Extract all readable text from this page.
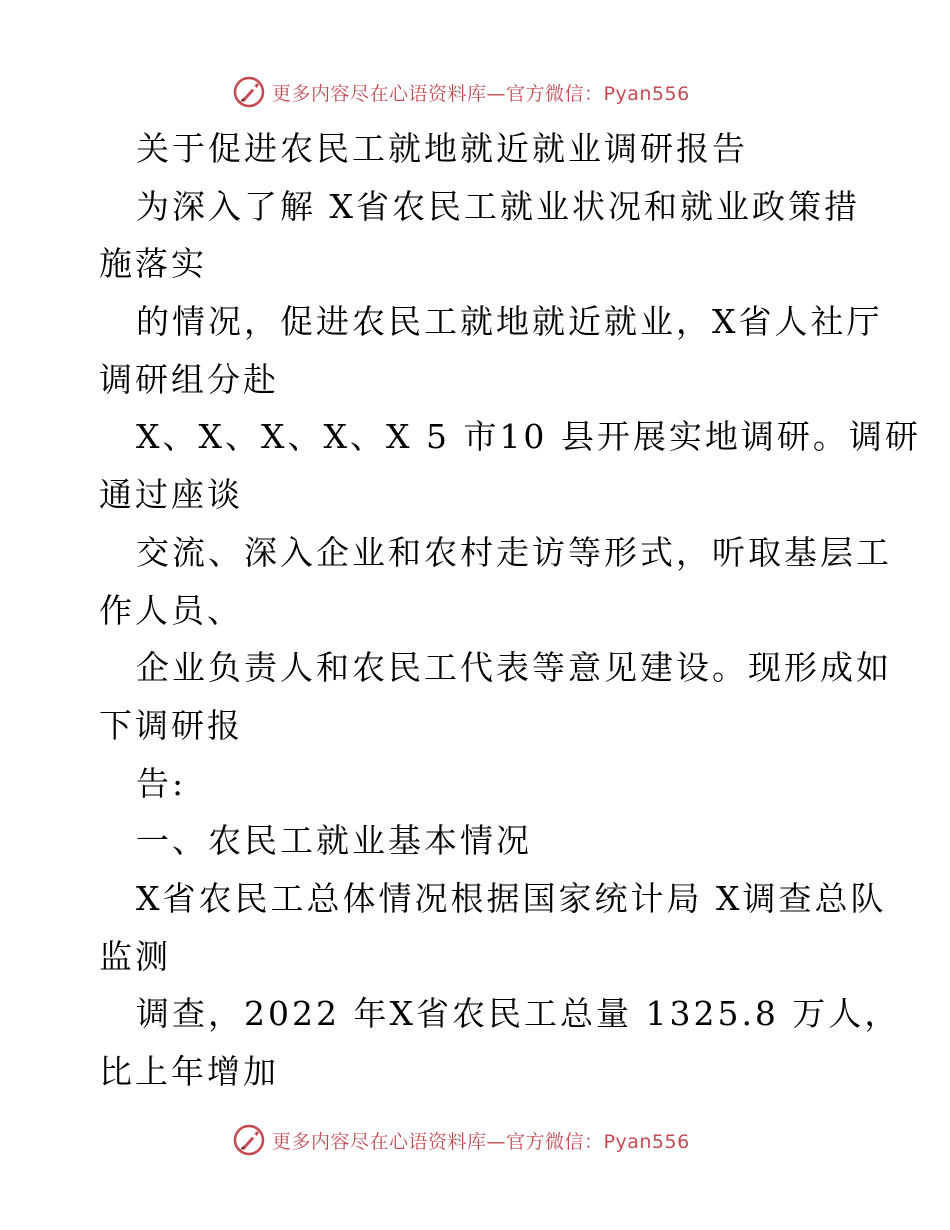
更多内容尽在心语资料库—官方微信：Pyan556
关于促进农民工就地就近就业调研报告
为深入了解 X省农民工就业状况和就业政策措
施落实
的情况，促进农民工就地就近就业，X省人社厅
调研组分赴
X、X、X、X、X 5 市10 县开展实地调研。调研
通过座谈
交流、深入企业和农村走访等形式，听取基层工
作人员、
企业负责人和农民工代表等意见建设。现形成如
下调研报
告:
一、农民工就业基本情况
X省农民工总体情况根据国家统计局 X调查总队
监测
调查，2022 年X省农民工总量 1325.8 万人，
比上年增加
更多内容尽在心语资料库—官方微信：Pyan556
